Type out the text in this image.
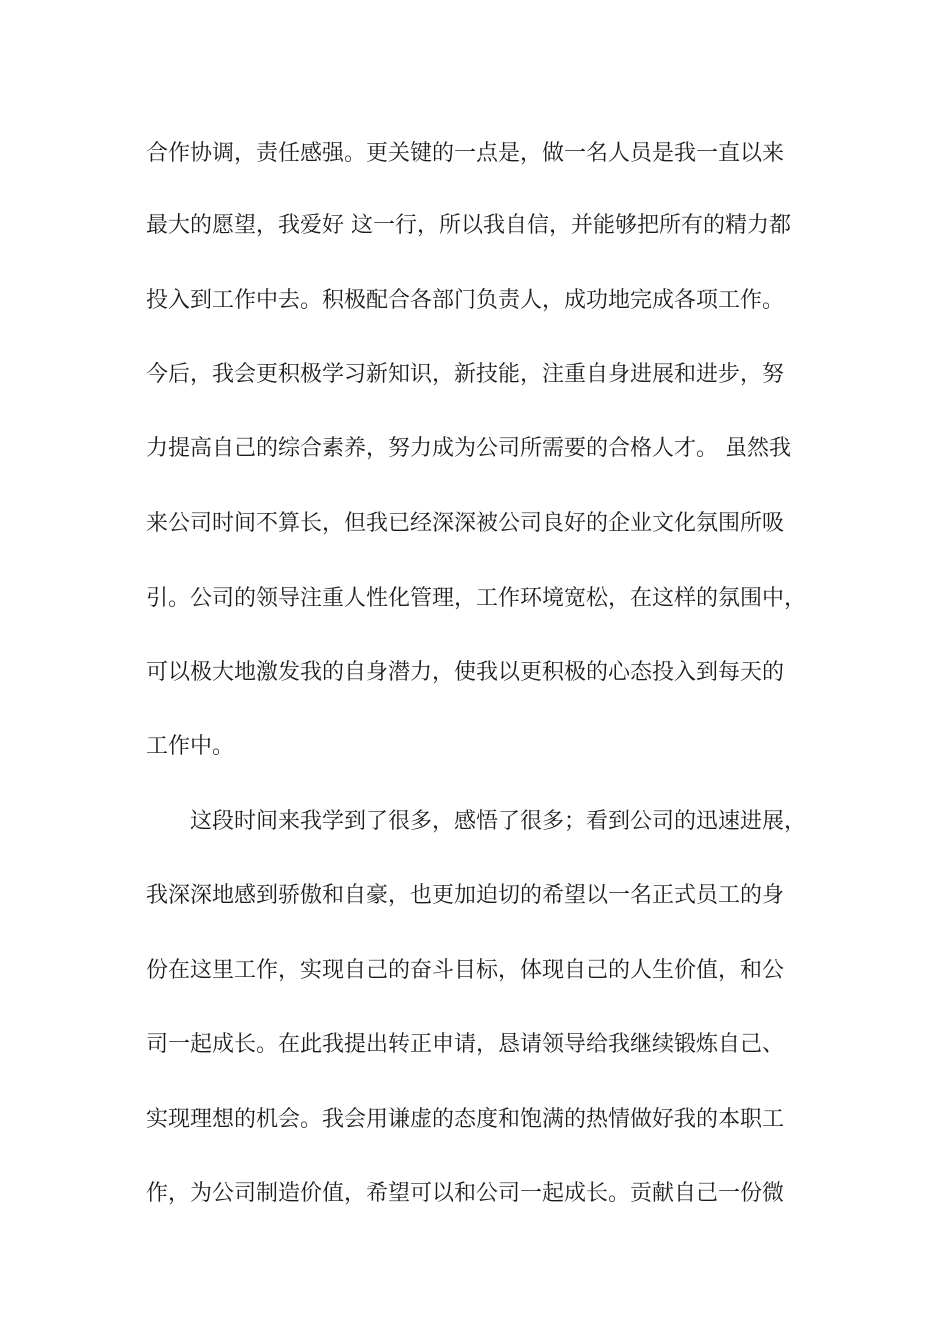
合作协调，责任感强。更关键的一点是，做一名人员是我一直以来

最大的愿望，我爱好 这一行，所以我自信，并能够把所有的精力都

投入到工作中去。积极配合各部门负责人，成功地完成各项工作。

今后，我会更积极学习新知识，新技能，注重自身进展和进步，努

力提高自己的综合素养，努力成为公司所需要的合格人才。 虽然我

来公司时间不算长，但我已经深深被公司良好的企业文化氛围所吸

引。公司的领导注重人性化管理，工作环境宽松，在这样的氛围中，

可以极大地激发我的自身潜力，使我以更积极的心态投入到每天的

工作中。

这段时间来我学到了很多，感悟了很多；看到公司的迅速进展，

我深深地感到骄傲和自豪，也更加迫切的希望以一名正式员工的身

份在这里工作，实现自己的奋斗目标，体现自己的人生价值，和公

司一起成长。在此我提出转正申请，恳请领导给我继续锻炼自己、

实现理想的机会。我会用谦虚的态度和饱满的热情做好我的本职工

作，为公司制造价值，希望可以和公司一起成长。贡献自己一份微
